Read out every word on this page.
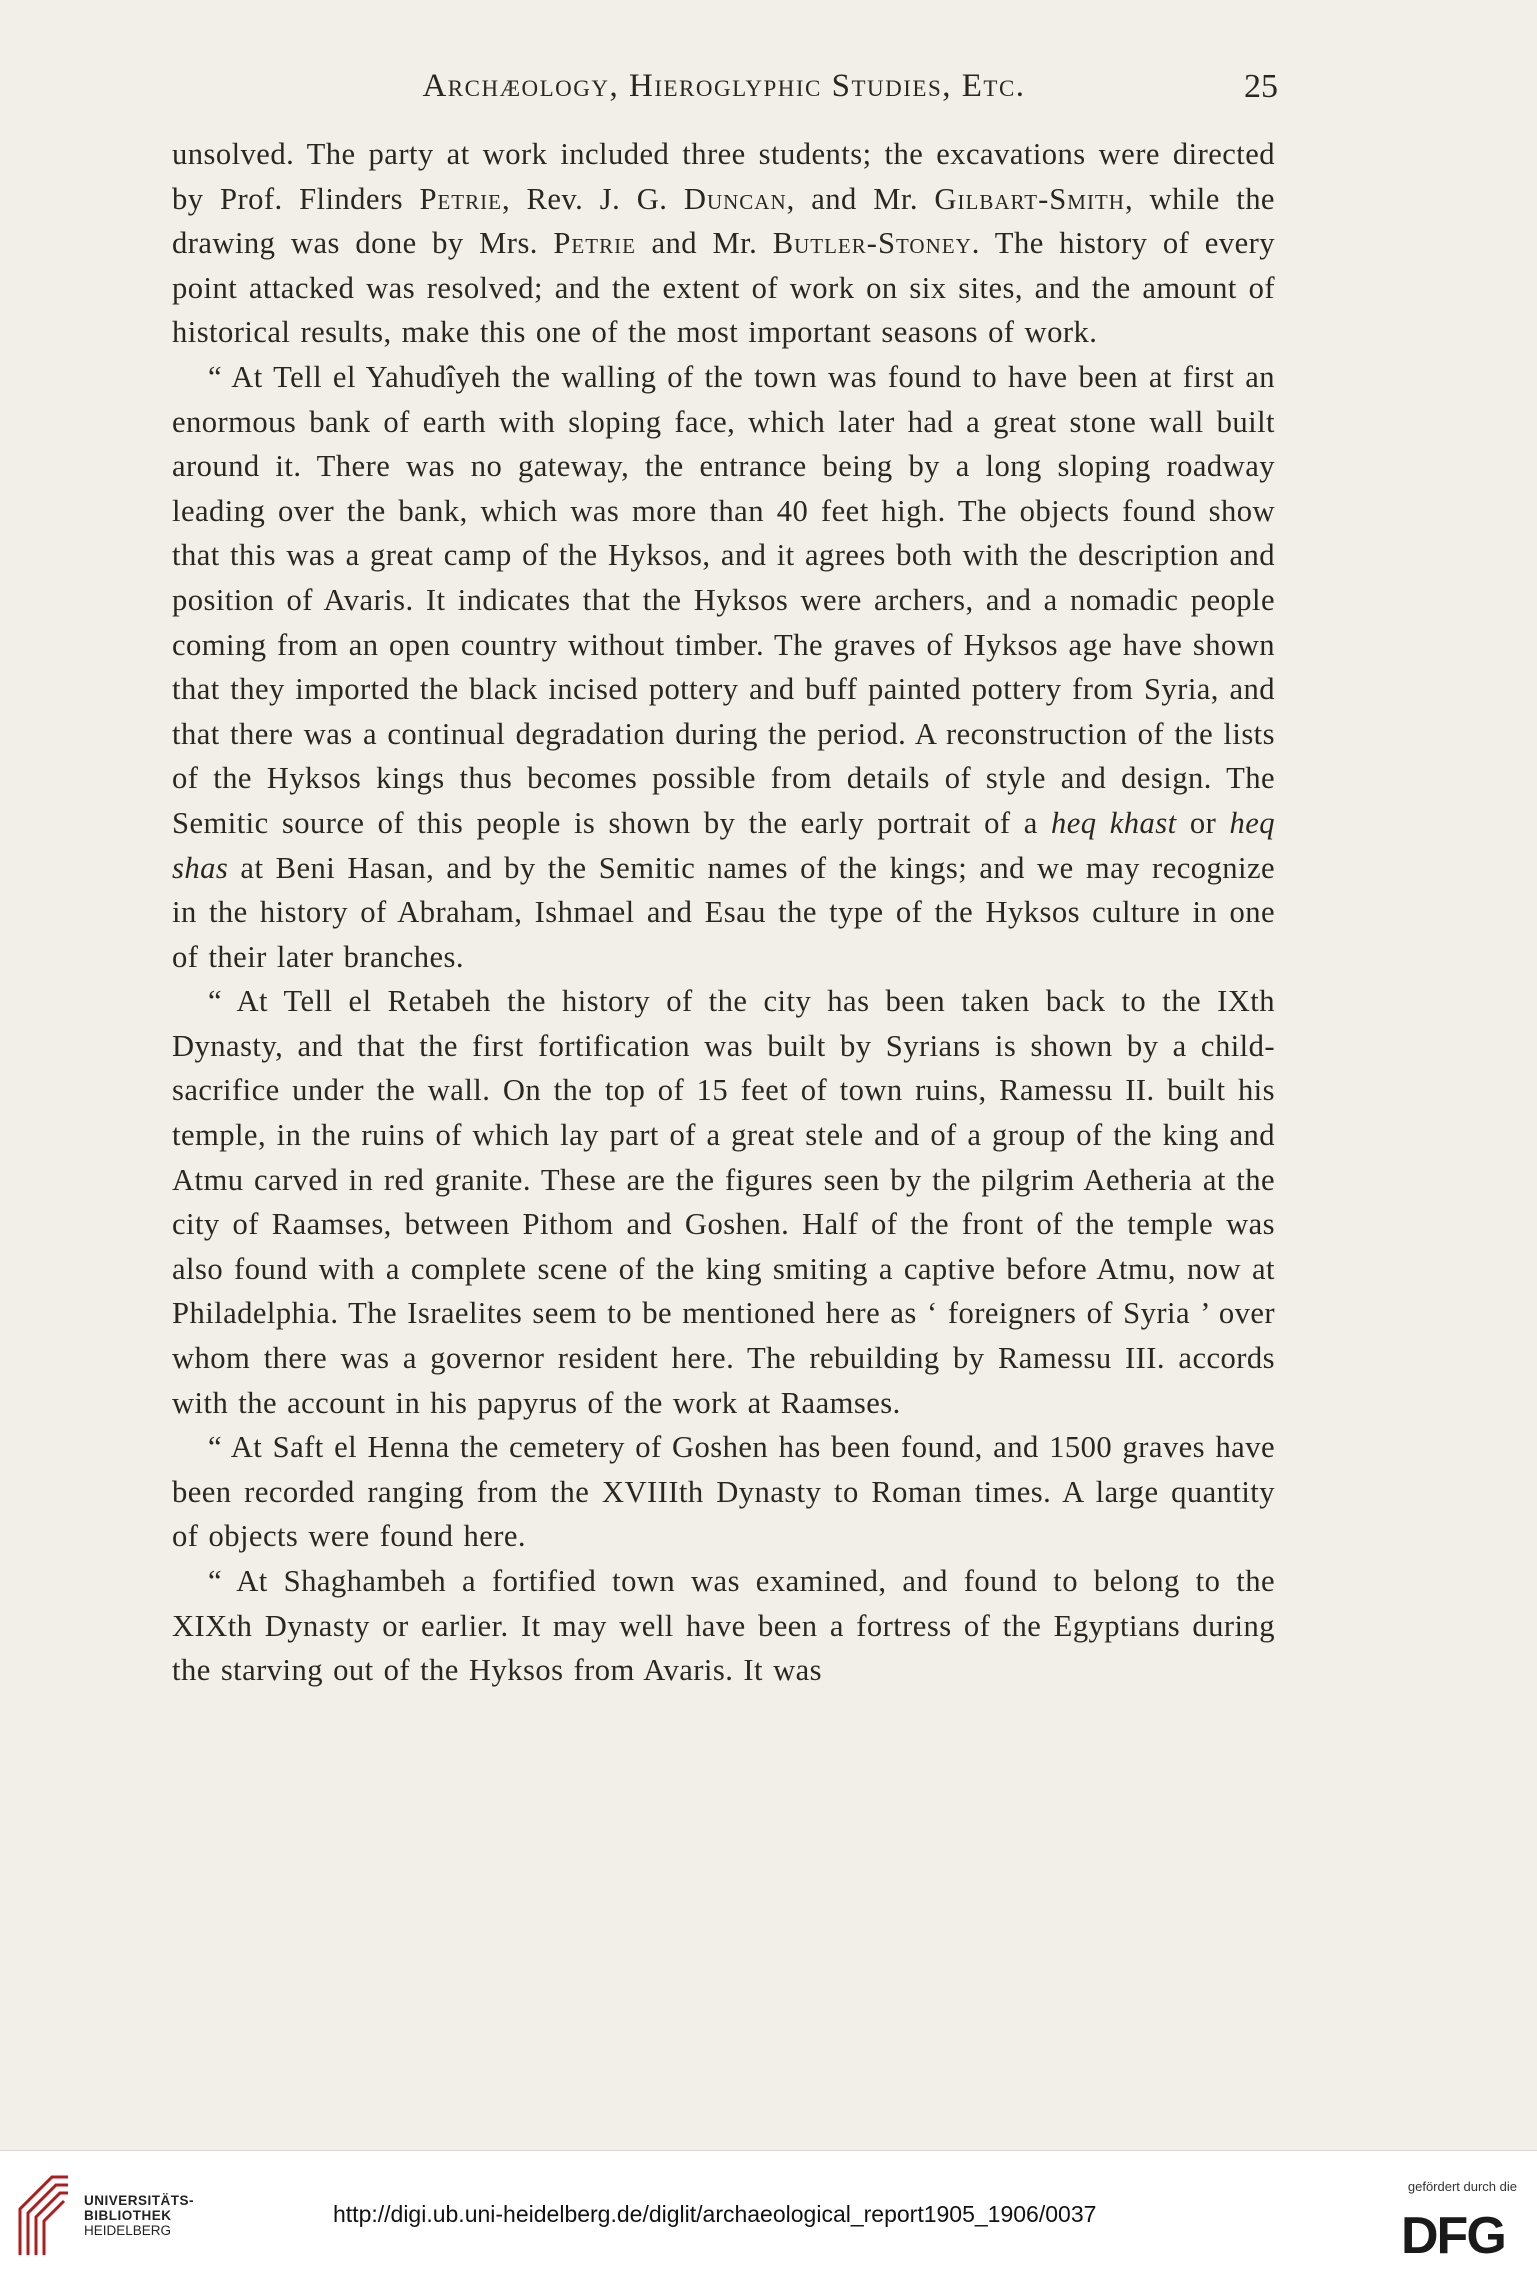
Archæology, Hieroglyphic Studies, Etc.	25

unsolved. The party at work included three students; the excavations were directed by Prof. Flinders Petrie, Rev. J. G. Duncan, and Mr. Gilbart-Smith, while the drawing was done by Mrs. Petrie and Mr. Butler-Stoney. The history of every point attacked was resolved; and the extent of work on six sites, and the amount of historical results, make this one of the most important seasons of work.

“ At Tell el Yahudîyeh the walling of the town was found to have been at first an enormous bank of earth with sloping face, which later had a great stone wall built around it. There was no gateway, the entrance being by a long sloping roadway leading over the bank, which was more than 40 feet high. The objects found show that this was a great camp of the Hyksos, and it agrees both with the description and position of Avaris. It indicates that the Hyksos were archers, and a nomadic people coming from an open country without timber. The graves of Hyksos age have shown that they imported the black incised pottery and buff painted pottery from Syria, and that there was a continual degradation during the period. A reconstruction of the lists of the Hyksos kings thus becomes possible from details of style and design. The Semitic source of this people is shown by the early portrait of a heq khast or heq shas at Beni Hasan, and by the Semitic names of the kings; and we may recognize in the history of Abraham, Ishmael and Esau the type of the Hyksos culture in one of their later branches.

“ At Tell el Retabeh the history of the city has been taken back to the IXth Dynasty, and that the first fortification was built by Syrians is shown by a child-sacrifice under the wall. On the top of 15 feet of town ruins, Ramessu II. built his temple, in the ruins of which lay part of a great stele and of a group of the king and Atmu carved in red granite. These are the figures seen by the pilgrim Aetheria at the city of Raamses, between Pithom and Goshen. Half of the front of the temple was also found with a complete scene of the king smiting a captive before Atmu, now at Philadelphia. The Israelites seem to be mentioned here as ‘ foreigners of Syria ’ over whom there was a governor resident here. The rebuilding by Ramessu III. accords with the account in his papyrus of the work at Raamses.

“ At Saft el Henna the cemetery of Goshen has been found, and 1500 graves have been recorded ranging from the XVIIIth Dynasty to Roman times. A large quantity of objects were found here.

“ At Shaghambeh a fortified town was examined, and found to belong to the XIXth Dynasty or earlier. It may well have been a fortress of the Egyptians during the starving out of the Hyksos from Avaris. It was

UNIVERSITÄTS-
BIBLIOTHEK
HEIDELBERG
http://digi.ub.uni-heidelberg.de/diglit/archaeological_report1905_1906/0037
gefördert durch die
DFG
